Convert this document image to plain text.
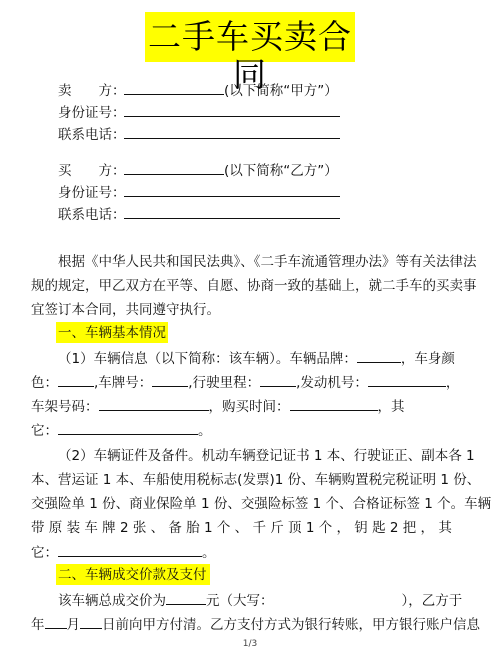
二手车买卖合同
卖  方：	(以下简称“甲方”）
身份证号：
联系电话：
买  方：	(以下简称“乙方”）
身份证号：
联系电话：
根据《中华人民共和国民法典》、《二手车流通管理办法》等有关法律法
规的规定，甲乙双方在平等、自愿、协商一致的基础上，就二手车的买卖事
宜签订本合同，共同遵守执行。
一、车辆基本情况
（1）车辆信息（以下简称：该车辆）。车辆品牌：	，车身颜
色：	,车牌号：	,行驶里程：	,发动机号：	，
车架号码：	，购买时间：	，其
它：	。
（2）车辆证件及备件。机动车辆登记证书 1 本、行驶证正、副本各 1
本、营运证 1 本、车船使用税标志(发票)1 份、车辆购置税完税证明 1 份、
交强险单 1 份、商业保险单 1 份、交强险标签 1 个、合格证标签 1 个。车辆
带 原 装 车 牌 2 张 、 备 胎 1 个 、 千 斤 顶 1 个 ， 钥 匙 2 把 ， 其
它：	。
二、车辆成交价款及支付
该车辆总成交价为	元（大写：	），乙方于
年 月 日前向甲方付清。乙方支付方式为银行转账，甲方银行账户信息
1/3
